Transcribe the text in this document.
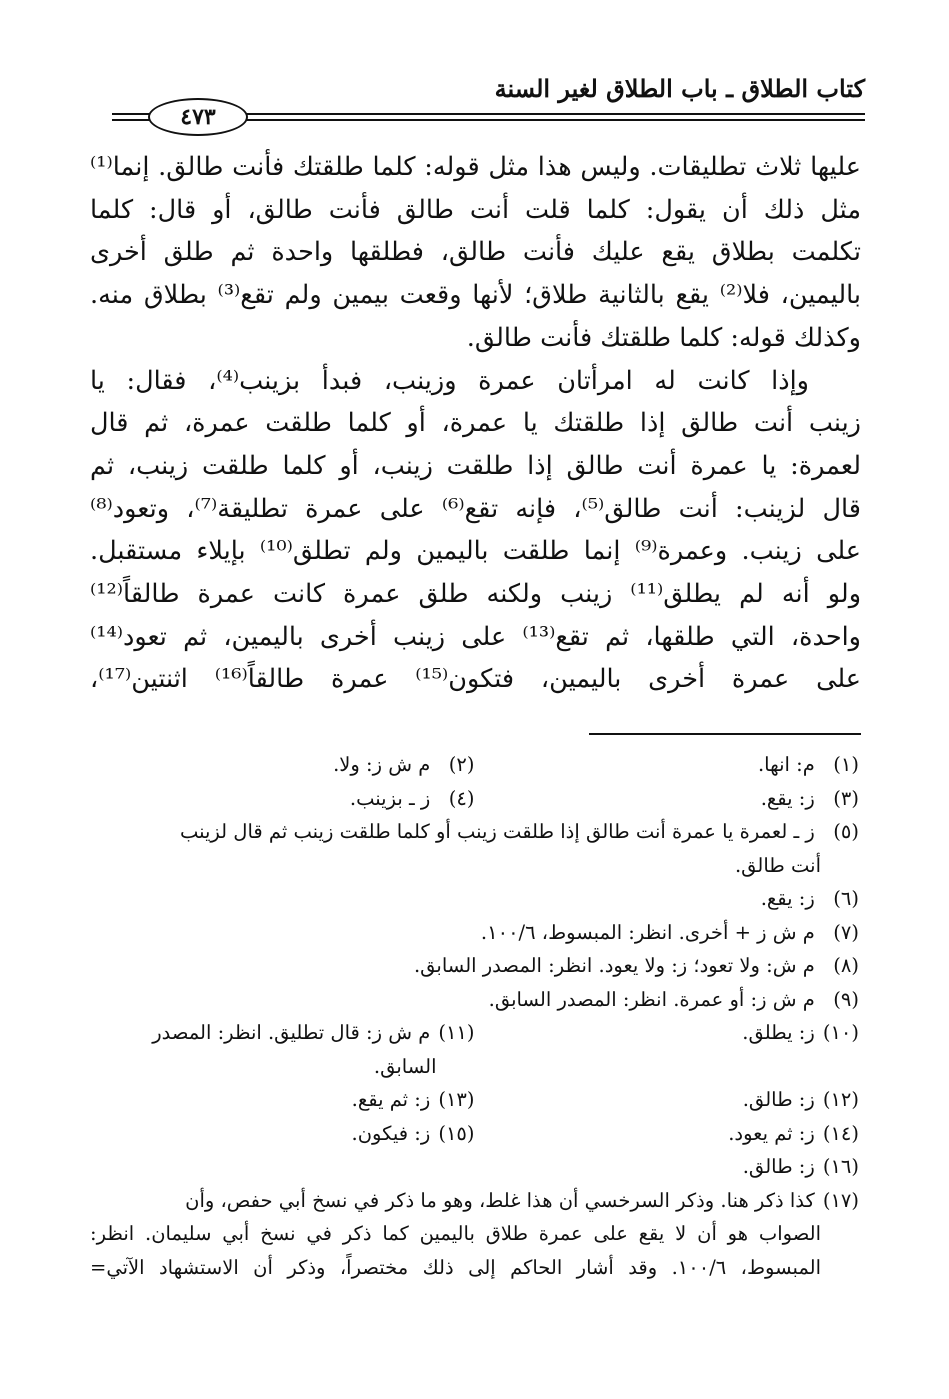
كتاب الطلاق ـ باب الطلاق لغير السنة
٤٧٣
عليها ثلاث تطليقات. وليس هذا مثل قوله: كلما طلقتك فأنت طالق. إنما⁽¹⁾
مثل ذلك أن يقول: كلما قلت أنت طالق فأنت طالق، أو قال: كلما
تكلمت بطلاق يقع عليك فأنت طالق، فطلقها واحدة ثم طلق أخرى
باليمين، فلا⁽²⁾ يقع بالثانية طلاق؛ لأنها وقعت بيمين ولم تقع⁽³⁾ بطلاق منه.
وكذلك قوله: كلما طلقتك فأنت طالق.
وإذا كانت له امرأتان عمرة وزينب، فبدأ بزينب⁽⁴⁾، فقال: يا
زينب أنت طالق إذا طلقتك يا عمرة، أو كلما طلقت عمرة، ثم قال
لعمرة: يا عمرة أنت طالق إذا طلقت زينب، أو كلما طلقت زينب، ثم
قال لزينب: أنت طالق⁽⁵⁾، فإنه تقع⁽⁶⁾ على عمرة تطليقة⁽⁷⁾، وتعود⁽⁸⁾
على زينب. وعمرة⁽⁹⁾ إنما طلقت باليمين ولم تطلق⁽¹⁰⁾ بإيلاء مستقبل.
ولو أنه لم يطلق⁽¹¹⁾ زينب ولكنه طلق عمرة كانت عمرة طالقاً⁽¹²⁾
واحدة، التي طلقها، ثم تقع⁽¹³⁾ على زينب أخرى باليمين، ثم تعود⁽¹⁴⁾
على عمرة أخرى باليمين، فتكون⁽¹⁵⁾ عمرة طالقاً⁽¹⁶⁾ اثنتين⁽¹⁷⁾،
(١) م: انها.
(٢) م ش ز: ولا.
(٣) ز: يقع.
(٤) ز ـ بزينب.
(٥) ز ـ لعمرة يا عمرة أنت طالق إذا طلقت زينب أو كلما طلقت زينب ثم قال لزينب
أنت طالق.
(٦) ز: يقع.
(٧) م ش ز + أخرى. انظر: المبسوط، ١٠٠/٦.
(٨) م ش: ولا تعود؛ ز: ولا يعود. انظر: المصدر السابق.
(٩) م ش ز: أو عمرة. انظر: المصدر السابق.
(١٠) ز: يطلق.
(١١) م ش ز: قال تطليق. انظر: المصدر
السابق.
(١٢) ز: طالق.
(١٣) ز: ثم يقع.
(١٤) ز: ثم يعود.
(١٥) ز: فيكون.
(١٦) ز: طالق.
(١٧) كذا ذكر هنا. وذكر السرخسي أن هذا غلط، وهو ما ذكر في نسخ أبي حفص، وأن
الصواب هو أن لا يقع على عمرة طلاق باليمين كما ذكر في نسخ أبي سليمان. انظر:
المبسوط، ١٠٠/٦. وقد أشار الحاكم إلى ذلك مختصراً، وذكر أن الاستشهاد الآتي=
